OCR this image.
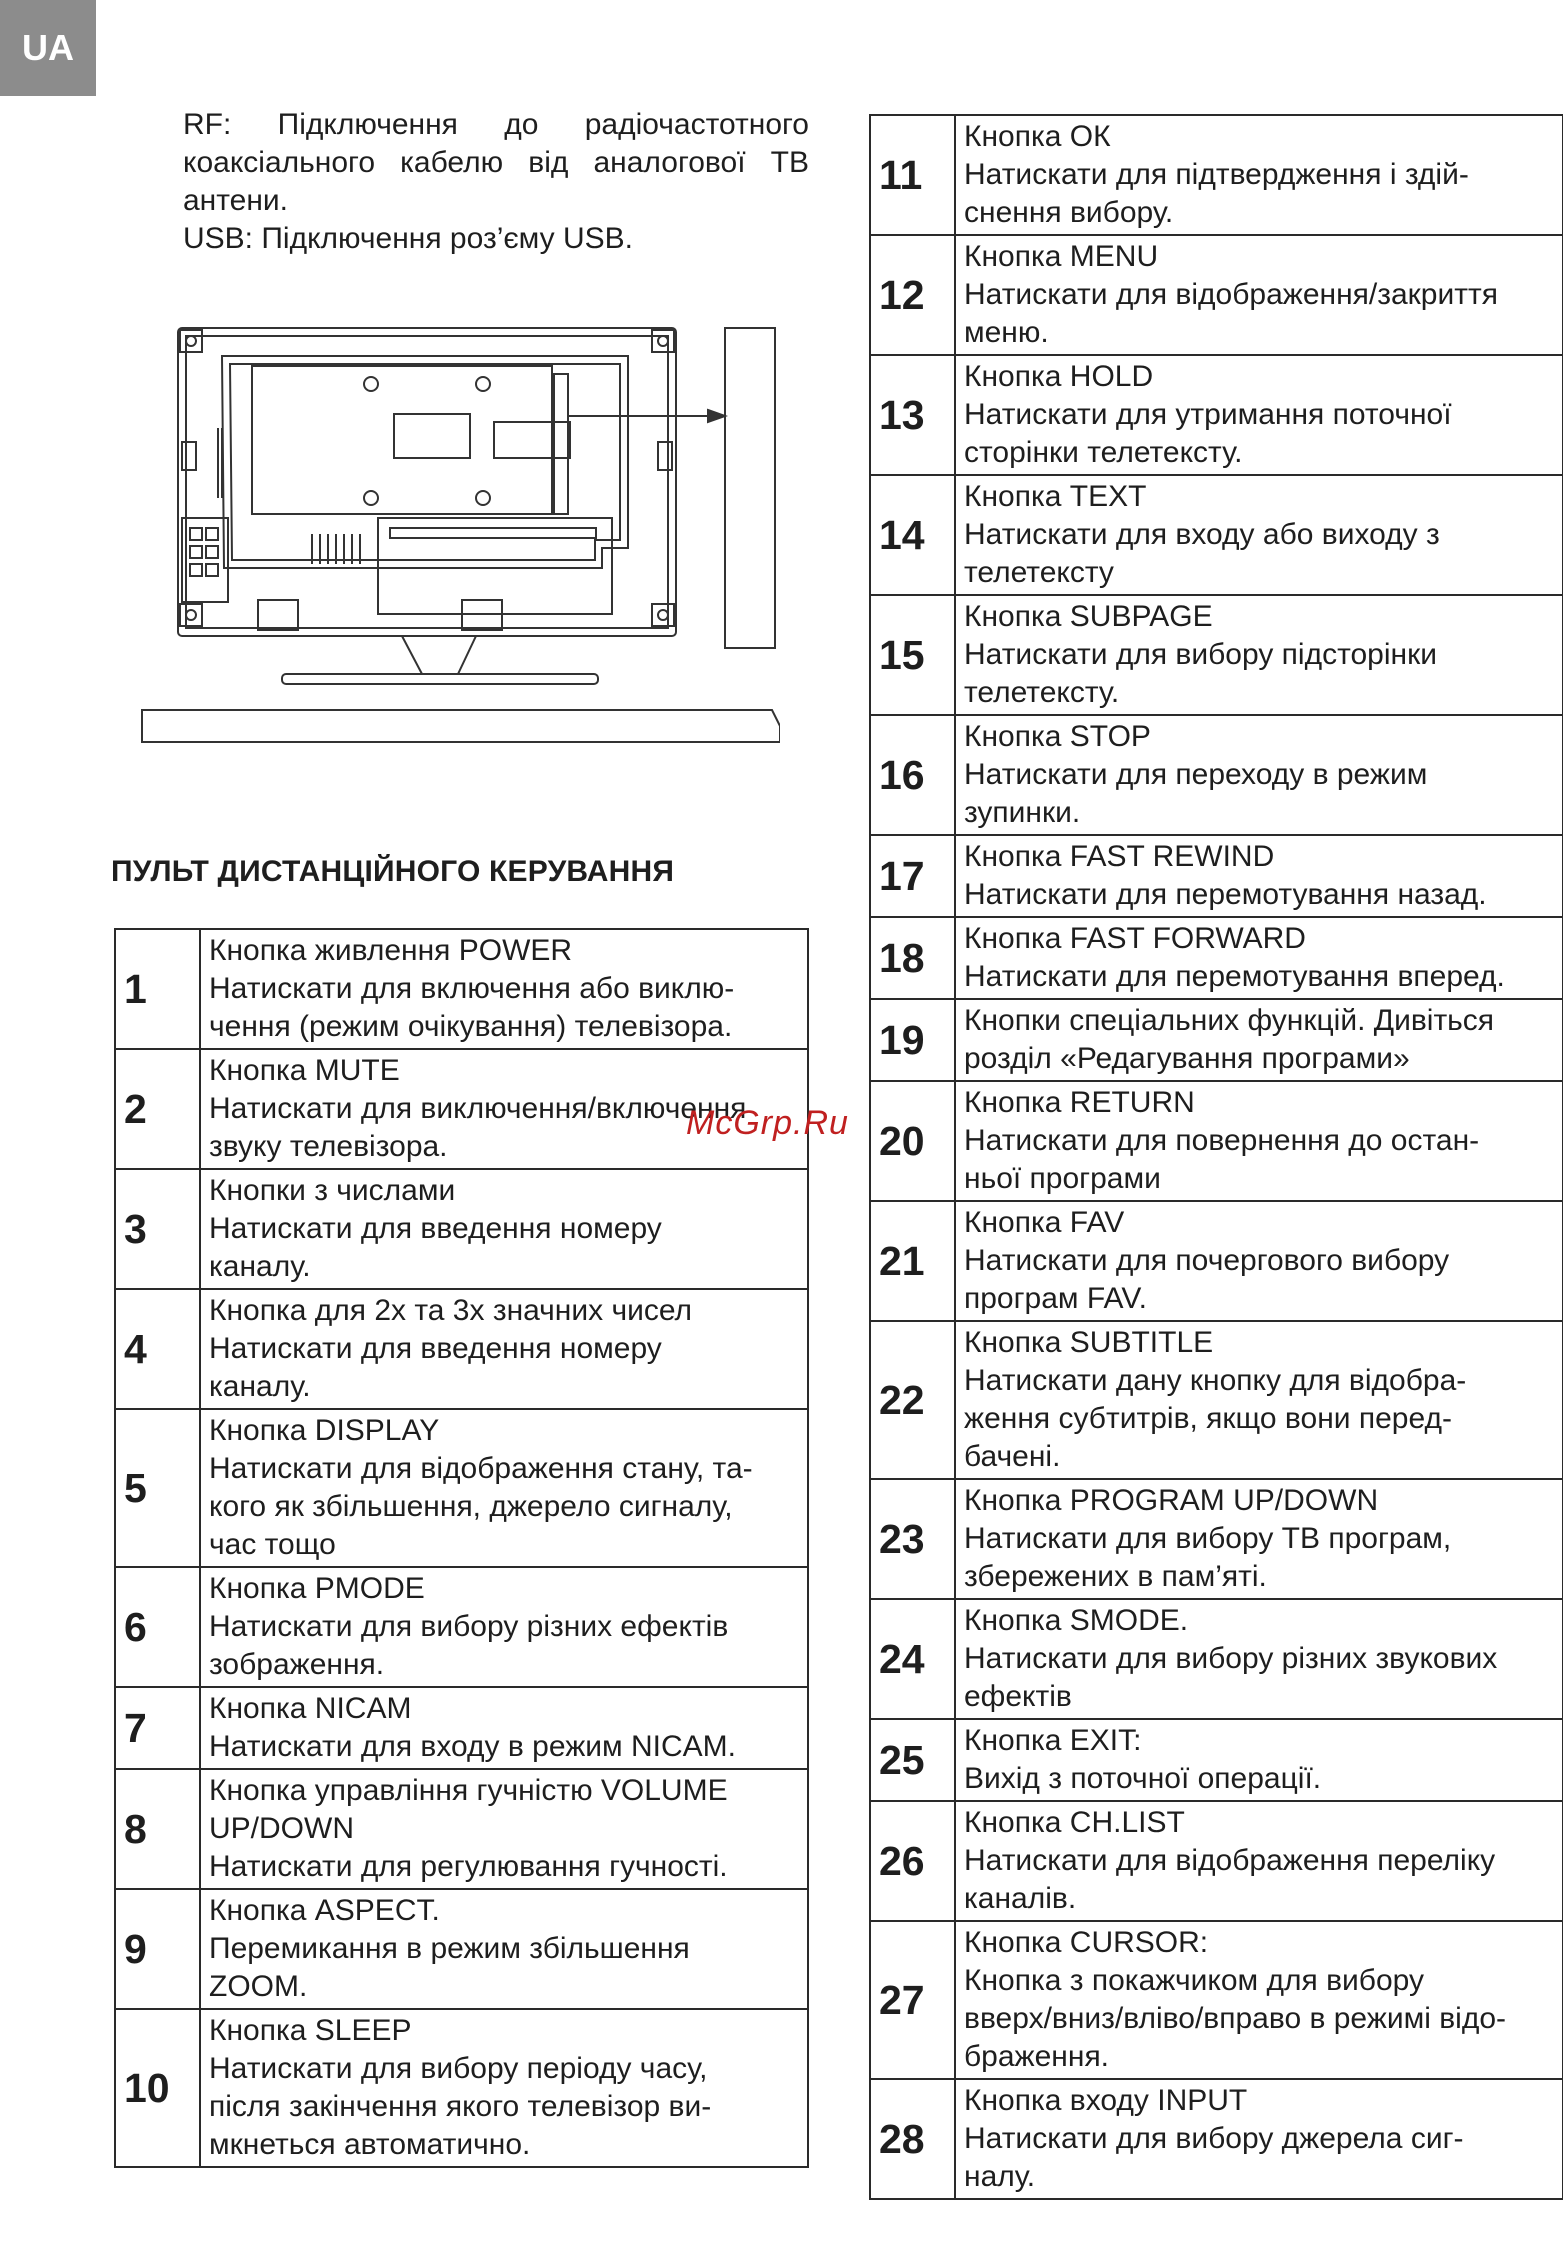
UA

RF: Підключення до радіочастотного коаксіального кабелю від аналогової ТВ антени.

USB: Підключення роз’єму USB.

ПУЛЬТ ДИСТАНЦІЙНОГО КЕРУВАННЯ
1	Кнопка живлення POWER
Натискати для включення або виклю-
чення (режим очікування) телевізора.

2	Кнопка MUTE
Натискати для виключення/включення
звуку телевізора.

3	Кнопки з числами
Натискати для введення номеру
каналу.

4	Кнопка для 2х та 3х значних чисел
Натискати для введення номеру
каналу.

5	Кнопка DISPLAY
Натискати для відображення стану, та-
кого як збільшення, джерело сигналу,
час тощо

6	Кнопка PMODE
Натискати для вибору різних ефектів
зображення.

7	Кнопка NICAM
Натискати для входу в режим NICAM.

8	Кнопка управління гучністю VOLUME
UP/DOWN
Натискати для регулювання гучності.

9	Кнопка ASPECT.
Перемикання в режим збільшення
ZOOM.

10	Кнопка SLEEP
Натискати для вибору періоду часу,
після закінчення якого телевізор ви-
мкнеться автоматично.
11	Кнопка ОК
Натискати для підтвердження і здій-
снення вибору.

12	Кнопка MENU
Натискати для відображення/закриття
меню.

13	Кнопка HOLD
Натискати для утримання поточної
сторінки телетексту.

14	Кнопка TEXT
Натискати для входу або виходу з
телетексту

15	Кнопка SUBPAGE
Натискати для вибору підсторінки
телетексту.

16	Кнопка STOP
Натискати для переходу в режим
зупинки.

17	Кнопка FAST REWIND
Натискати для перемотування назад.

18	Кнопка FAST FORWARD
Натискати для перемотування вперед.

19	Кнопки спеціальних функцій. Дивіться
розділ «Редагування програми»

20	Кнопка RETURN
Натискати для повернення до остан-
ньої програми

21	Кнопка FAV
Натискати для почергового вибору
програм FAV.

22	Кнопка SUBTITLE
Натискати дану кнопку для відобра-
ження субтитрів, якщо вони перед-
бачені.

23	Кнопка PROGRAM UP/DOWN
Натискати для вибору ТВ програм,
збережених в пам’яті.

24	Кнопка SMODE.
Натискати для вибору різних звукових
ефектів

25	Кнопка EXIT:
Вихід з поточної операції.

26	Кнопка CH.LIST
Натискати для відображення переліку
каналів.

27	Кнопка CURSOR:
Кнопка з покажчиком для вибору
вверх/вниз/вліво/вправо в режимі відо-
браження.

28	Кнопка входу INPUT
Натискати для вибору джерела сиг-
налу.
McGrp.Ru
